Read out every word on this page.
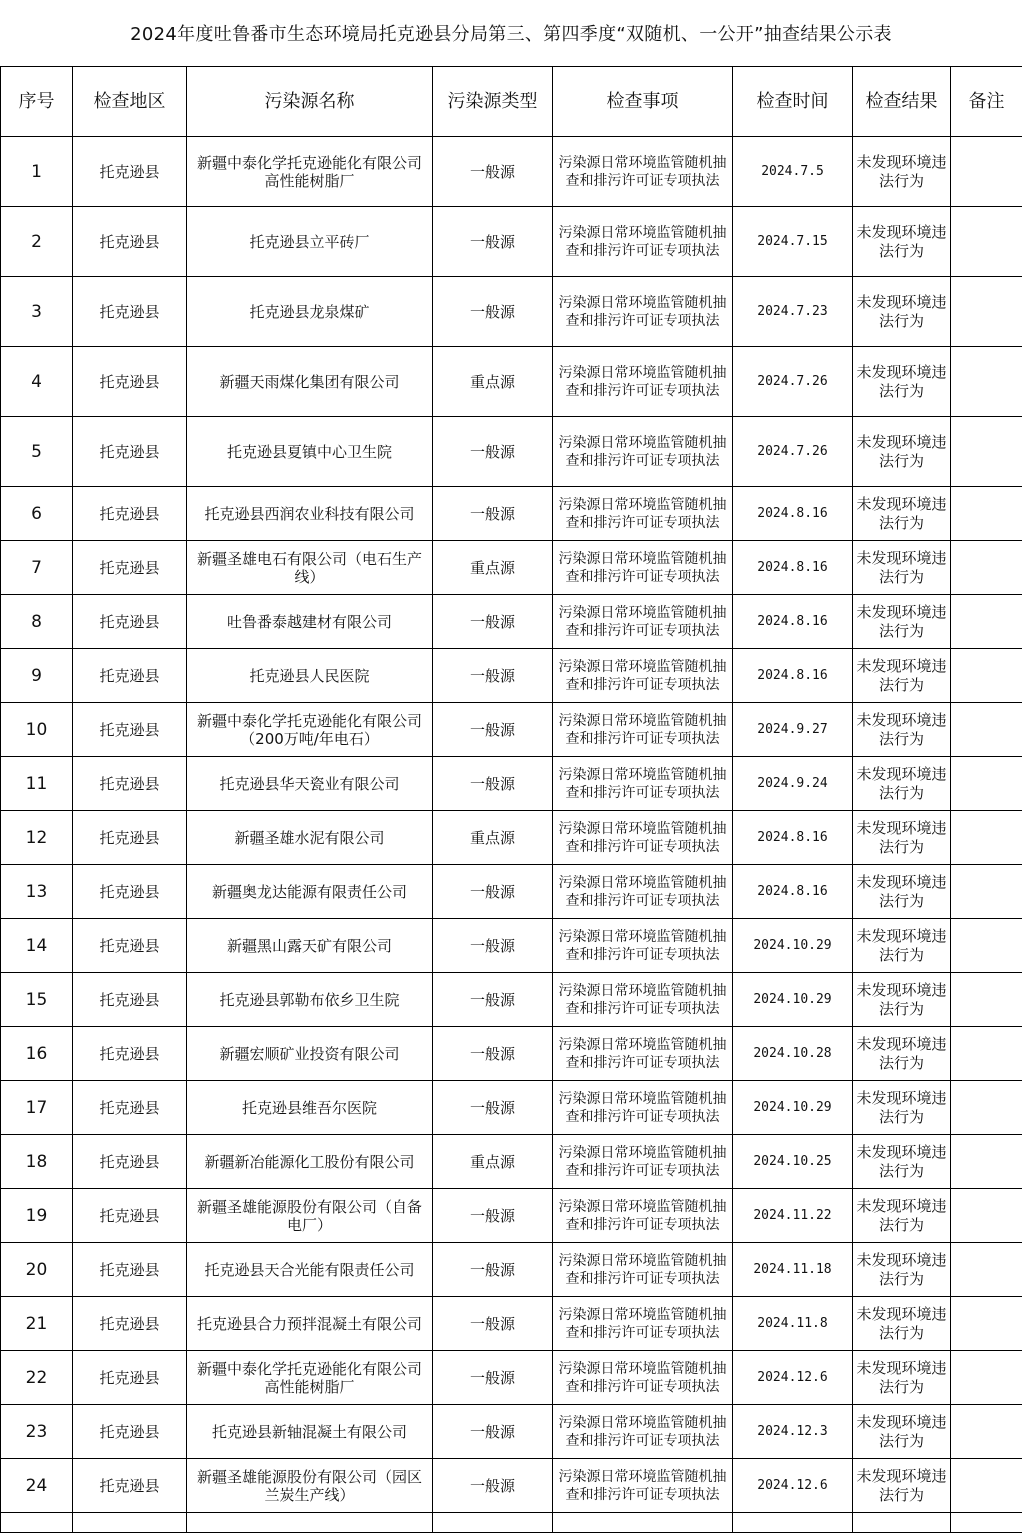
2024年度吐鲁番市生态环境局托克逊县分局第三、第四季度“双随机、一公开”抽查结果公示表
序号	检查地区	污染源名称	污染源类型	检查事项	检查时间	检查结果	备注
1	托克逊县	新疆中泰化学托克逊能化有限公司高性能树脂厂	一般源	污染源日常环境监管随机抽查和排污许可证专项执法	2024.7.5	未发现环境违法行为	
2	托克逊县	托克逊县立平砖厂	一般源	污染源日常环境监管随机抽查和排污许可证专项执法	2024.7.15	未发现环境违法行为	
3	托克逊县	托克逊县龙泉煤矿	一般源	污染源日常环境监管随机抽查和排污许可证专项执法	2024.7.23	未发现环境违法行为	
4	托克逊县	新疆天雨煤化集团有限公司	重点源	污染源日常环境监管随机抽查和排污许可证专项执法	2024.7.26	未发现环境违法行为	
5	托克逊县	托克逊县夏镇中心卫生院	一般源	污染源日常环境监管随机抽查和排污许可证专项执法	2024.7.26	未发现环境违法行为	
6	托克逊县	托克逊县西润农业科技有限公司	一般源	污染源日常环境监管随机抽查和排污许可证专项执法	2024.8.16	未发现环境违法行为	
7	托克逊县	新疆圣雄电石有限公司（电石生产线）	重点源	污染源日常环境监管随机抽查和排污许可证专项执法	2024.8.16	未发现环境违法行为	
8	托克逊县	吐鲁番泰越建材有限公司	一般源	污染源日常环境监管随机抽查和排污许可证专项执法	2024.8.16	未发现环境违法行为	
9	托克逊县	托克逊县人民医院	一般源	污染源日常环境监管随机抽查和排污许可证专项执法	2024.8.16	未发现环境违法行为	
10	托克逊县	新疆中泰化学托克逊能化有限公司（200万吨/年电石）	一般源	污染源日常环境监管随机抽查和排污许可证专项执法	2024.9.27	未发现环境违法行为	
11	托克逊县	托克逊县华天瓷业有限公司	一般源	污染源日常环境监管随机抽查和排污许可证专项执法	2024.9.24	未发现环境违法行为	
12	托克逊县	新疆圣雄水泥有限公司	重点源	污染源日常环境监管随机抽查和排污许可证专项执法	2024.8.16	未发现环境违法行为	
13	托克逊县	新疆奥龙达能源有限责任公司	一般源	污染源日常环境监管随机抽查和排污许可证专项执法	2024.8.16	未发现环境违法行为	
14	托克逊县	新疆黑山露天矿有限公司	一般源	污染源日常环境监管随机抽查和排污许可证专项执法	2024.10.29	未发现环境违法行为	
15	托克逊县	托克逊县郭勒布依乡卫生院	一般源	污染源日常环境监管随机抽查和排污许可证专项执法	2024.10.29	未发现环境违法行为	
16	托克逊县	新疆宏顺矿业投资有限公司	一般源	污染源日常环境监管随机抽查和排污许可证专项执法	2024.10.28	未发现环境违法行为	
17	托克逊县	托克逊县维吾尔医院	一般源	污染源日常环境监管随机抽查和排污许可证专项执法	2024.10.29	未发现环境违法行为	
18	托克逊县	新疆新冶能源化工股份有限公司	重点源	污染源日常环境监管随机抽查和排污许可证专项执法	2024.10.25	未发现环境违法行为	
19	托克逊县	新疆圣雄能源股份有限公司（自备电厂）	一般源	污染源日常环境监管随机抽查和排污许可证专项执法	2024.11.22	未发现环境违法行为	
20	托克逊县	托克逊县天合光能有限责任公司	一般源	污染源日常环境监管随机抽查和排污许可证专项执法	2024.11.18	未发现环境违法行为	
21	托克逊县	托克逊县合力预拌混凝土有限公司	一般源	污染源日常环境监管随机抽查和排污许可证专项执法	2024.11.8	未发现环境违法行为	
22	托克逊县	新疆中泰化学托克逊能化有限公司高性能树脂厂	一般源	污染源日常环境监管随机抽查和排污许可证专项执法	2024.12.6	未发现环境违法行为	
23	托克逊县	托克逊县新轴混凝土有限公司	一般源	污染源日常环境监管随机抽查和排污许可证专项执法	2024.12.3	未发现环境违法行为	
24	托克逊县	新疆圣雄能源股份有限公司（园区兰炭生产线）	一般源	污染源日常环境监管随机抽查和排污许可证专项执法	2024.12.6	未发现环境违法行为	
